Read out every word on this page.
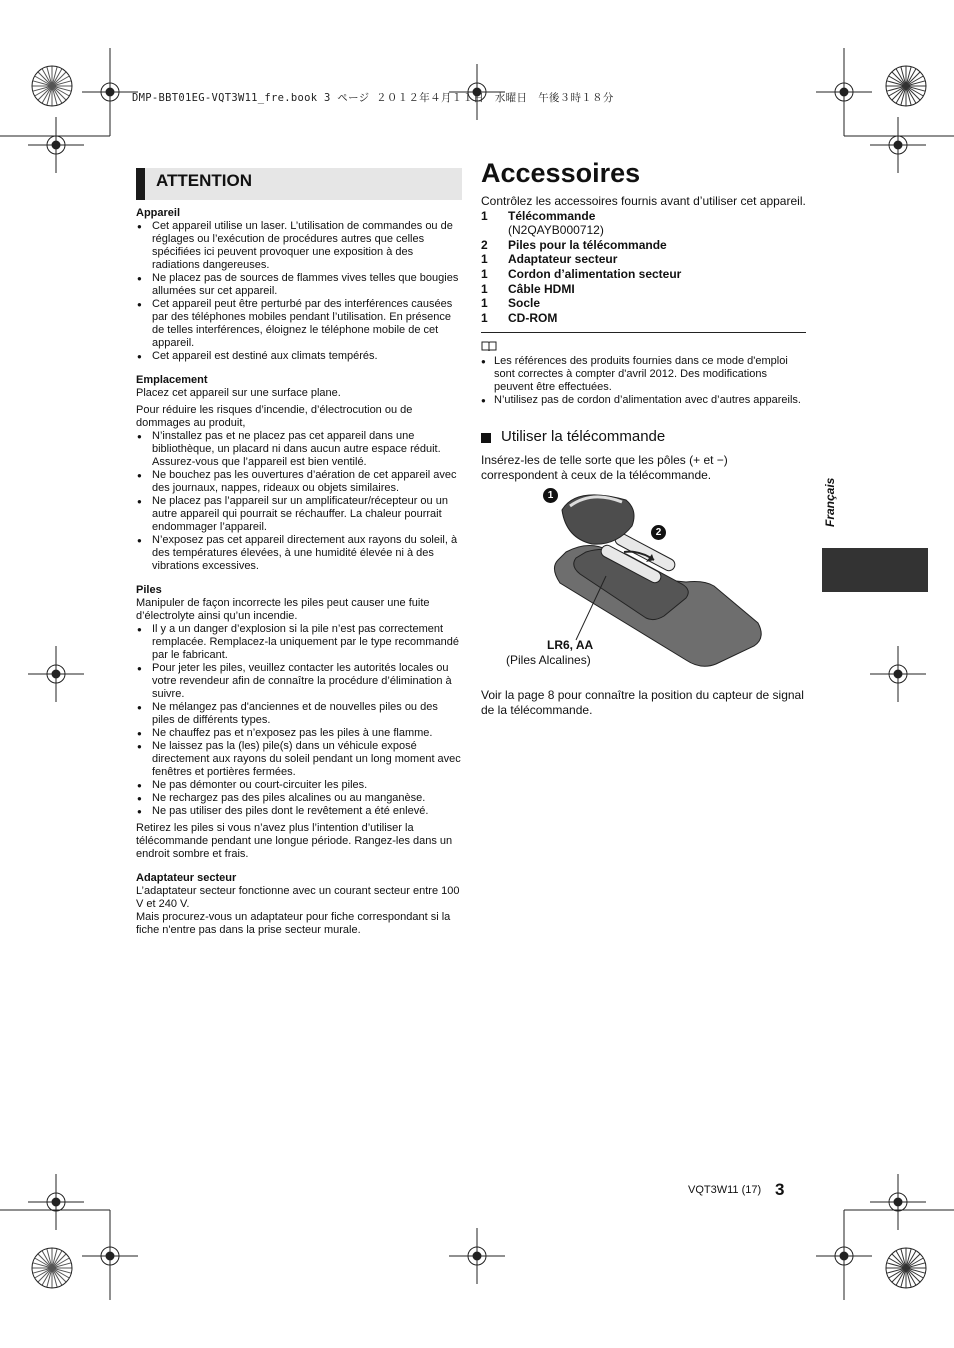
DMP-BBT01EG-VQT3W11_fre.book 3 ページ ２０１２年４月１１日　水曜日　午後３時１８分
ATTENTION
Appareil
● Cet appareil utilise un laser. L’utilisation de commandes ou de réglages ou l’exécution de procédures autres que celles spécifiées ici peuvent provoquer une exposition à des radiations dangereuses.
● Ne placez pas de sources de flammes vives telles que bougies allumées sur cet appareil.
● Cet appareil peut être perturbé par des interférences causées par des téléphones mobiles pendant l’utilisation. En présence de telles interférences, éloignez le téléphone mobile de cet appareil.
● Cet appareil est destiné aux climats tempérés.
Emplacement
Placez cet appareil sur une surface plane.
Pour réduire les risques d’incendie, d’électrocution ou de dommages au produit,
● N’installez pas et ne placez pas cet appareil dans une bibliothèque, un placard ni dans aucun autre espace réduit. Assurez-vous que l’appareil est bien ventilé.
● Ne bouchez pas les ouvertures d’aération de cet appareil avec des journaux, nappes, rideaux ou objets similaires.
● Ne placez pas l’appareil sur un amplificateur/récepteur ou un autre appareil qui pourrait se réchauffer. La chaleur pourrait endommager l’appareil.
● N’exposez pas cet appareil directement aux rayons du soleil, à des températures élevées, à une humidité élevée ni à des vibrations excessives.
Piles
Manipuler de façon incorrecte les piles peut causer une fuite d’électrolyte ainsi qu’un incendie.
● Il y a un danger d’explosion si la pile n’est pas correctement remplacée. Remplacez-la uniquement par le type recommandé par le fabricant.
● Pour jeter les piles, veuillez contacter les autorités locales ou votre revendeur afin de connaître la procédure d’élimination à suivre.
● Ne mélangez pas d'anciennes et de nouvelles piles ou des piles de différents types.
● Ne chauffez pas et n’exposez pas les piles à une flamme.
● Ne laissez pas la (les) pile(s) dans un véhicule exposé directement aux rayons du soleil pendant un long moment avec fenêtres et portières fermées.
● Ne pas démonter ou court-circuiter les piles.
● Ne rechargez pas des piles alcalines ou au manganèse.
● Ne pas utiliser des piles dont le revêtement a été enlevé.
Retirez les piles si vous n’avez plus l’intention d’utiliser la télécommande pendant une longue période. Rangez-les dans un endroit sombre et frais.
Adaptateur secteur
L’adaptateur secteur fonctionne avec un courant secteur entre 100 V et 240 V.
Mais procurez-vous un adaptateur pour fiche correspondant si la fiche n'entre pas dans la prise secteur murale.
Accessoires
Contrôlez les accessoires fournis avant d’utiliser cet appareil.
1	Télécommande
(N2QAYB000712)
2	Piles pour la télécommande
1	Adaptateur secteur
1	Cordon d’alimentation secteur
1	Câble HDMI
1	Socle
1	CD-ROM
● Les références des produits fournies dans ce mode d'emploi sont correctes à compter d'avril 2012. Des modifications peuvent être effectuées.
● N’utilisez pas de cordon d’alimentation avec d’autres appareils.
Utiliser la télécommande
Insérez-les de telle sorte que les pôles (+ et −) correspondent à ceux de la télécommande.
1
2
LR6, AA
(Piles Alcalines)
Voir la page 8 pour connaître la position du capteur de signal de la télécommande.
Français
VQT3W11 (17) 3
